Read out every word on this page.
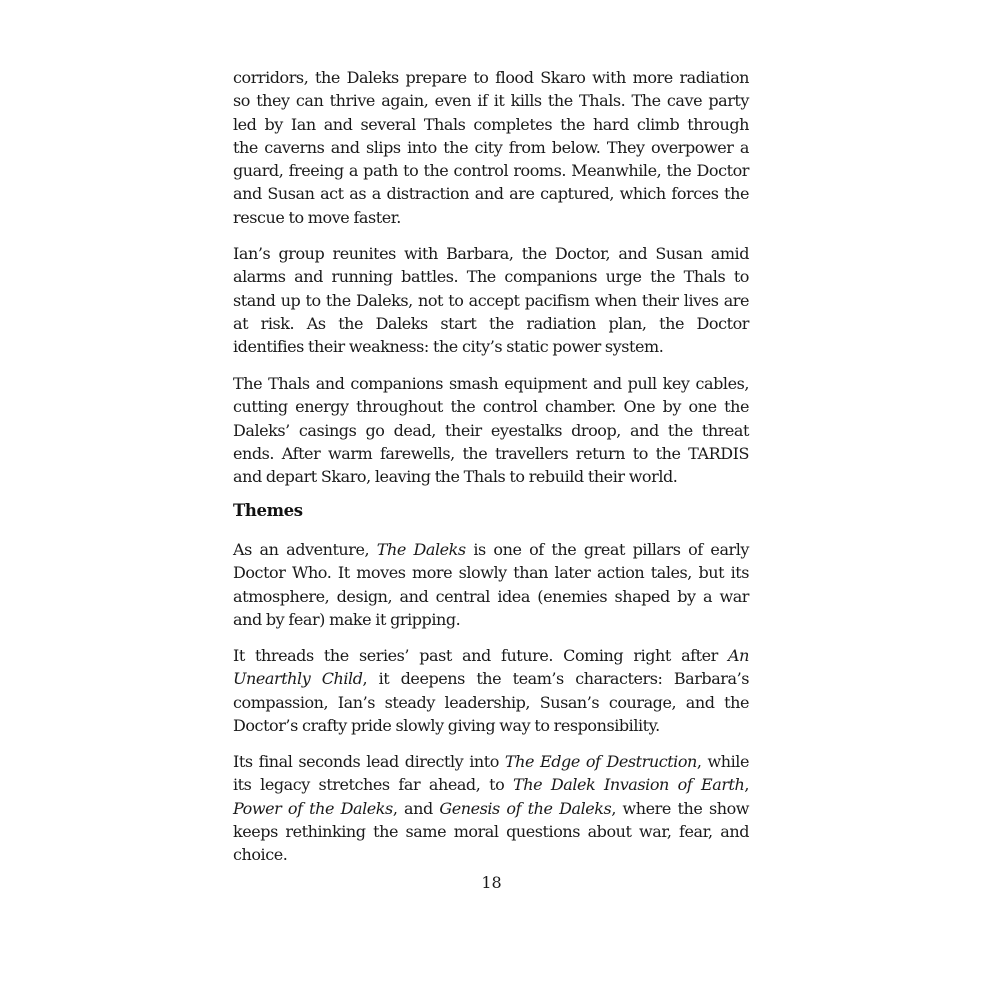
corridors, the Daleks prepare to flood Skaro with more radiation
so they can thrive again, even if it kills the Thals. The cave party
led by Ian and several Thals completes the hard climb through
the caverns and slips into the city from below. They overpower a
guard, freeing a path to the control rooms. Meanwhile, the Doctor
and Susan act as a distraction and are captured, which forces the
rescue to move faster.
Ian’s group reunites with Barbara, the Doctor, and Susan amid
alarms and running battles. The companions urge the Thals to
stand up to the Daleks, not to accept pacifism when their lives are
at risk. As the Daleks start the radiation plan, the Doctor
identifies their weakness: the city’s static power system.
The Thals and companions smash equipment and pull key cables,
cutting energy throughout the control chamber. One by one the
Daleks’ casings go dead, their eyestalks droop, and the threat
ends. After warm farewells, the travellers return to the TARDIS
and depart Skaro, leaving the Thals to rebuild their world.
Themes
As an adventure, The Daleks is one of the great pillars of early
Doctor Who. It moves more slowly than later action tales, but its
atmosphere, design, and central idea (enemies shaped by a war
and by fear) make it gripping.
It threads the series’ past and future. Coming right after An
Unearthly Child, it deepens the team’s characters: Barbara’s
compassion, Ian’s steady leadership, Susan’s courage, and the
Doctor’s crafty pride slowly giving way to responsibility.
Its final seconds lead directly into The Edge of Destruction, while
its legacy stretches far ahead, to The Dalek Invasion of Earth,
Power of the Daleks, and Genesis of the Daleks, where the show
keeps rethinking the same moral questions about war, fear, and
choice.
18
